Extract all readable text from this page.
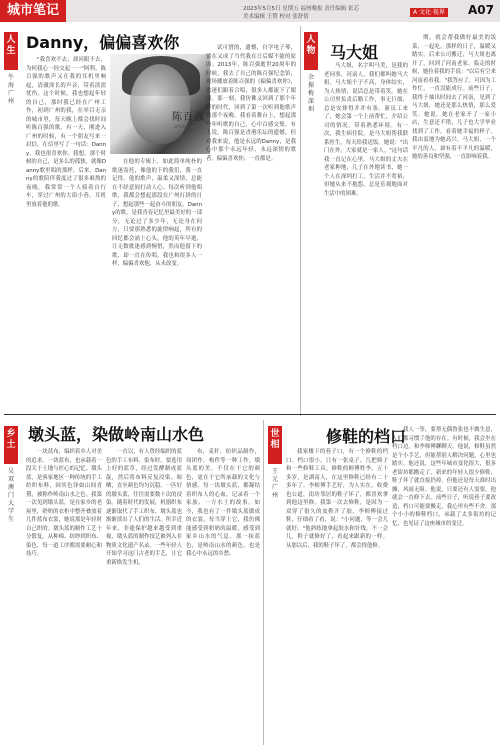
城市笔记	2023年5月5日 星期五 福州晚报 责任编辑 张芯
美术编辑 王赞 校对 张舒倩
A 文化·视界 A07
人生
牛海 广州
Danny，偏偏喜欢你
"我喜欢不去，却问眼不去，为何我心一经交起一一"阿利，陈百强的歌声又在我的耳机里响起，清澈深长的声音，带着淡淡忧伤。这个时候，我也想起年轻的自己，那时我已经在广州工作，初到广州的我，在举目无亲的城市里，每天晚上都会找时间听陈百强的歌。有一天，刚进入广州的时候，有一个朋友写来一封信，在信里写了一句话：Danny，我也很喜欢你。我想，那个时候的自己，是多么的孤独，就像Danny歌里唱的那样。后来，Danny的歌陪伴我度过了很多难熬的夜晚。我常常一个人骑着自行车，穿过广州的大街小巷，耳机里放着他的歌。
陈百强
DANNY CHAN
在他的专辑上，如此简单纯朴的歌迷寄托，像他的下的我们，我一直记得。他的歌声，温柔又深情，总能在不经意间打动人心。每次听到他唱歌，我都会想起那段在广州打拼的日子，想起那些一起奋斗的朋友。Danny的歌，是我青春记忆里最美好的一部分，无论过了多少年，无论身在何方，只要那熟悉的旋律响起，所有的回忆都会涌上心头。他的英年早逝，让无数歌迷感到惋惜，然而他留下的歌，却一直在传唱。我也和很多人一样，偏偏喜欢他，从未改变。
试可惜的，遗憾，自学电子琴，留在又成了当代我在日后媒不能的原因。2013年，陈百强逝世20周年的时候，我去了自己的陈百强纪念馆，现场播放着陈百强的《偏偏喜欢你》，歌迷们跟着合唱，很多人都流下了眼泪。那一刻，我仿佛又回到了那个年轻的时代，回到了第一次听到他歌声的那个夜晚。我看着舞台上，想起那些年听歌的自己，心中百感交集。有人说，陈百强是香港乐坛的遗憾，但对我来说，他是永远的Danny，是我心中那个永远年轻、永远深情的歌者。偏偏喜欢你，一直都是。
人物
余振梅 深圳
马大姐
马大姐，名字叫马美，是我的老同事，河南人，我们都叫她马大姐。马大姐个子不高，身体结实，为人热情，说话总是带着笑。她在公司里负责后勤工作，事无巨细，总是安排得井井有条。新员工来了，她会第一个上前帮忙，介绍公司的情况，带着熟悉环境。有一次，我生病住院，是马大姐帮我联系医生，每天给我送饭。她说："出门在外，大家就是一家人。"这句话我一直记在心里。马大姐的丈夫在老家种地，儿子在外地读书，她一个人在深圳打工，生活并不宽裕，但她从来不抱怨，总是乐观地面对生活中的困难。
期，就会帮我做好最美的饭菜，一起吃，那样的日子，温暖又踏实。后来公司搬迁，马大姐也离开了，回到了河南老家。临走的时候，她拉着我的手说："以后有空来河南看看我。"我答应了，可因为工作忙，一直没能成行。前些日子，我终于抽出时间去了河南，见到了马大姐，她还是那么热情，那么爱笑。她说，她在老家开了一家小店，生意还不错，儿子也大学毕业找到了工作。看着她幸福的样子，我由衷地为她高兴。马大姐，一个平凡的人，却有着不平凡的温暖，她的善良和坚强，一直影响着我。
乡土
吴双 澳门 大学生
墩头蓝，染做岭南山水色
一块蓝布，编织着乡人对美的追求。一块蓝布，也承载着一段关于土地与匠心的记忆。墩头蓝，是客家地区一种传统的手工纺织布料，因其色泽如山间青黛，被称作岭南山水之色。我第一次见到墩头蓝，是在家乡的老屋里，奶奶的衣柜中整齐叠放着几件蓝布衣裳，她说那是年轻时自己织的。墩头蓝的制作工艺十分繁复，从种棉、纺纱到织布、染色，每一道工序都需要耐心和技巧。
一直以，有人曾经编织的蓝色的手工布料。染布时，要选用上好的蓝草，经过发酵制成蓝靛，然后将布料反复浸染、晾晒，直至颜色均匀沉稳。一匹好的墩头蓝，往往需要数十次的浸染。随着时代的发展，机器织布逐渐取代了手工织布，墩头蓝也渐渐淡出了人们的生活。所幸近年来，非遗保护越来越受到重视，墩头蓝的制作技艺被列入非物质文化遗产名录，一些年轻人开始学习这门古老的手艺，让它重新焕发生机。
布，麦秆，纺织品制作，周团作，构件等一种工作。墩头蓝的美，不仅在于它的颜色，更在于它所承载的文化与情感。每一块墩头蓝，都凝结着织布人的心血，记录着一个家族、一方水土的故事。如今，我也有了一件墩头蓝做成的衣裳，每当穿上它，我仿佛能感受到奶奶的温暖，感受到家乡山水的气息。那一抹蓝色，是岭南山水的颜色，也是我心中永远的乡愁。
世相
王元 广州
修鞋的档口
我家楼下的巷子口，有一个修鞋的档口。档口很小，只有一张桌子、几把椅子和一些修鞋工具。修鞋的师傅姓李，五十多岁，是湖南人，在这里修鞋已经有二十多年了。李师傅手艺好，为人实在，收费也公道，街坊邻居的鞋子坏了，都喜欢拿到他这里修。我第一次去修鞋，是因为一双穿了很久的皮鞋开了胶，李师傅接过鞋，仔细看了看，说："小问题，等一会儿就好。"他熟练地拿起胶水和针线，不一会儿，鞋子就修好了，看起来跟新的一样。从那以后，我的鞋子坏了，都会找他修。
我人一等，要帮无偶鲁张也不做生意，人们都习惯了他的存在。有时候，我会坐在档口边，和李师傅聊聊天。他说，修鞋虽然是个小手艺，但能帮别人解决问题，心里也踏实。他还说，这些年城市变化很大，很多老街坊都搬走了，新来的年轻人很少修鞋，鞋子坏了就直接扔掉。但他还是每天准时出摊，风雨无阻。他说，只要还有人需要，他就会一直修下去。前些日子，听说巷子要改造，档口可能要搬走，我心里有些不舍。那个小小的修鞋档口，承载了太多街坊的记忆，也见证了这座城市的变迁。
